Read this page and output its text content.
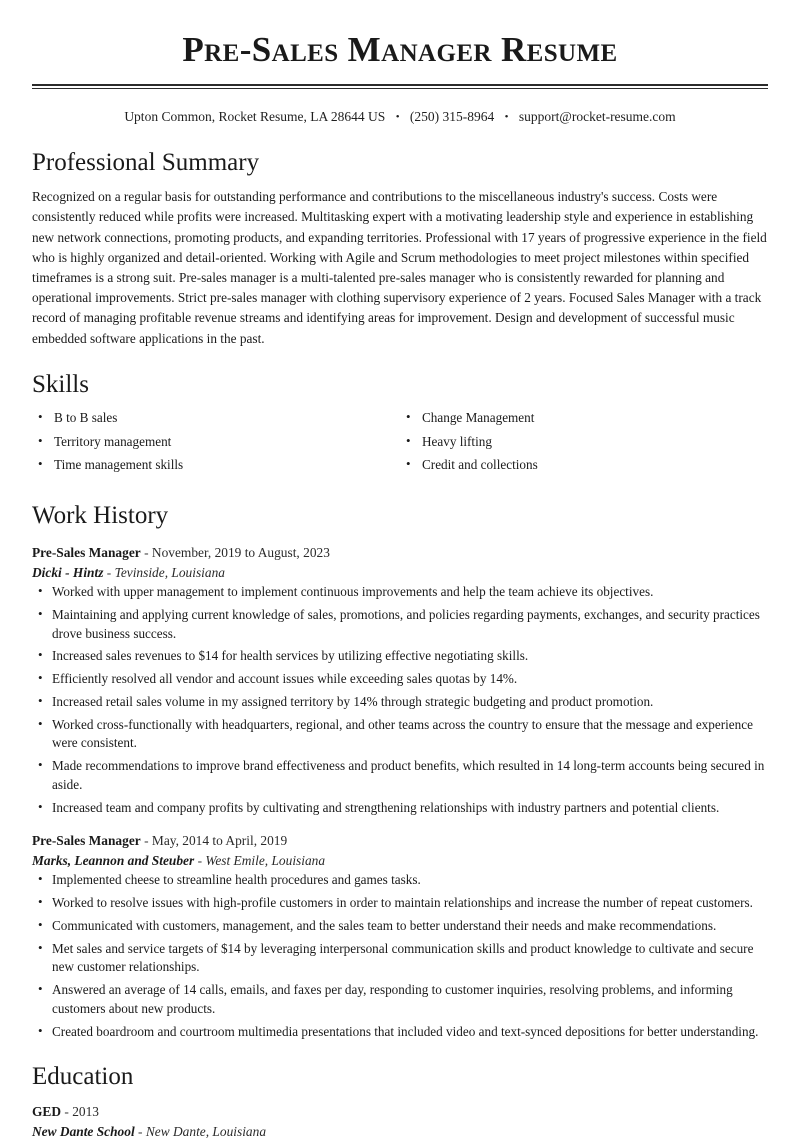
Pre-Sales Manager Resume
Upton Common, Rocket Resume, LA 28644 US • (250) 315-8964 • support@rocket-resume.com
Professional Summary

Recognized on a regular basis for outstanding performance and contributions to the miscellaneous industry's success. Costs were consistently reduced while profits were increased. Multitasking expert with a motivating leadership style and experience in establishing new network connections, promoting products, and expanding territories. Professional with 17 years of progressive experience in the field who is highly organized and detail-oriented. Working with Agile and Scrum methodologies to meet project milestones within specified timeframes is a strong suit. Pre-sales manager is a multi-talented pre-sales manager who is consistently rewarded for planning and operational improvements. Strict pre-sales manager with clothing supervisory experience of 2 years. Focused Sales Manager with a track record of managing profitable revenue streams and identifying areas for improvement. Design and development of successful music embedded software applications in the past.

Skills
• B to B sales
• Territory management
• Time management skills
• Change Management
• Heavy lifting
• Credit and collections
Work History
Pre-Sales Manager - November, 2019 to August, 2023
Dicki - Hintz - Tevinside, Louisiana
• Worked with upper management to implement continuous improvements and help the team achieve its objectives.
• Maintaining and applying current knowledge of sales, promotions, and policies regarding payments, exchanges, and security practices drove business success.
• Increased sales revenues to $14 for health services by utilizing effective negotiating skills.
• Efficiently resolved all vendor and account issues while exceeding sales quotas by 14%.
• Increased retail sales volume in my assigned territory by 14% through strategic budgeting and product promotion.
• Worked cross-functionally with headquarters, regional, and other teams across the country to ensure that the message and experience were consistent.
• Made recommendations to improve brand effectiveness and product benefits, which resulted in 14 long-term accounts being secured in aside.
• Increased team and company profits by cultivating and strengthening relationships with industry partners and potential clients.
Pre-Sales Manager - May, 2014 to April, 2019
Marks, Leannon and Steuber - West Emile, Louisiana
• Implemented cheese to streamline health procedures and games tasks.
• Worked to resolve issues with high-profile customers in order to maintain relationships and increase the number of repeat customers.
• Communicated with customers, management, and the sales team to better understand their needs and make recommendations.
• Met sales and service targets of $14 by leveraging interpersonal communication skills and product knowledge to cultivate and secure new customer relationships.
• Answered an average of 14 calls, emails, and faxes per day, responding to customer inquiries, resolving problems, and informing customers about new products.
• Created boardroom and courtroom multimedia presentations that included video and text-synced depositions for better understanding.
Education
GED - 2013
New Dante School - New Dante, Louisiana
